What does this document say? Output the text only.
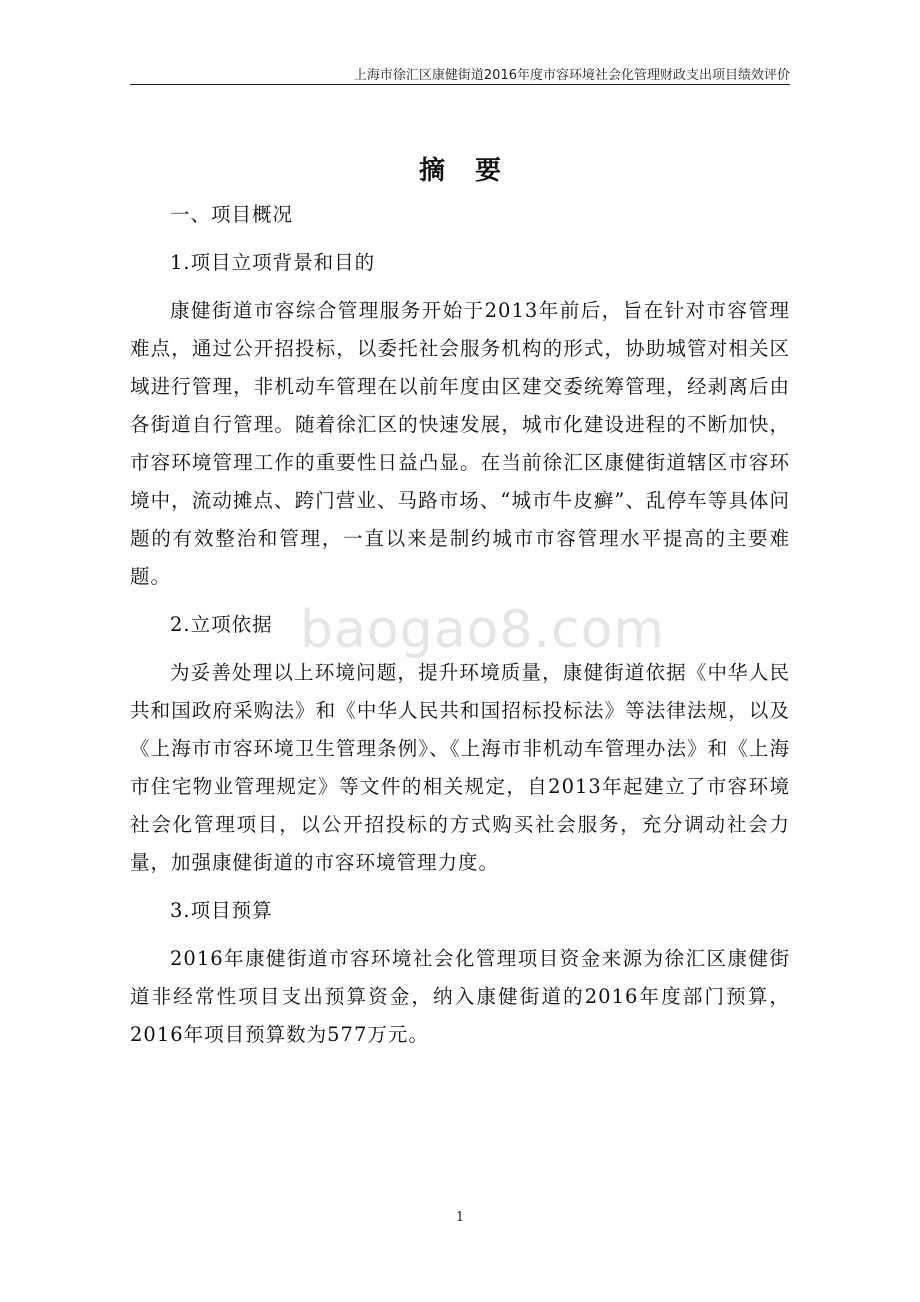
上海市徐汇区康健街道2016年度市容环境社会化管理财政支出项目绩效评价
摘要

一、项目概况

1.项目立项背景和目的

康健街道市容综合管理服务开始于2013年前后，旨在针对市容管理难点，通过公开招投标，以委托社会服务机构的形式，协助城管对相关区域进行管理，非机动车管理在以前年度由区建交委统筹管理，经剥离后由各街道自行管理。随着徐汇区的快速发展，城市化建设进程的不断加快，市容环境管理工作的重要性日益凸显。在当前徐汇区康健街道辖区市容环境中，流动摊点、跨门营业、马路市场、“城市牛皮癣”、乱停车等具体问题的有效整治和管理，一直以来是制约城市市容管理水平提高的主要难题。

2.立项依据

为妥善处理以上环境问题，提升环境质量，康健街道依据《中华人民共和国政府采购法》和《中华人民共和国招标投标法》等法律法规，以及《上海市市容环境卫生管理条例》、《上海市非机动车管理办法》和《上海市住宅物业管理规定》等文件的相关规定，自2013年起建立了市容环境社会化管理项目，以公开招投标的方式购买社会服务，充分调动社会力量，加强康健街道的市容环境管理力度。

3.项目预算

2016年康健街道市容环境社会化管理项目资金来源为徐汇区康健街道非经常性项目支出预算资金，纳入康健街道的2016年度部门预算，2016年项目预算数为577万元。

baogao8.com
1
